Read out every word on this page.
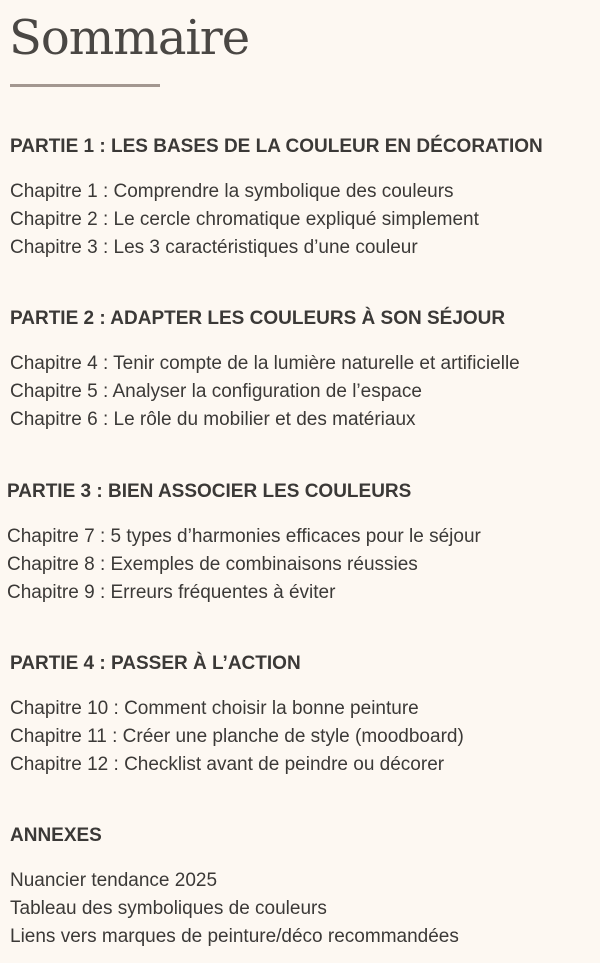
Sommaire
PARTIE 1 : LES BASES DE LA COULEUR EN DÉCORATION
Chapitre 1 : Comprendre la symbolique des couleurs
Chapitre 2 : Le cercle chromatique expliqué simplement
Chapitre 3 : Les 3 caractéristiques d’une couleur
PARTIE 2 : ADAPTER LES COULEURS À SON SÉJOUR
Chapitre 4 : Tenir compte de la lumière naturelle et artificielle
Chapitre 5 : Analyser la configuration de l’espace
Chapitre 6 : Le rôle du mobilier et des matériaux
PARTIE 3 : BIEN ASSOCIER LES COULEURS
Chapitre 7 : 5 types d’harmonies efficaces pour le séjour
Chapitre 8 : Exemples de combinaisons réussies
Chapitre 9 : Erreurs fréquentes à éviter
PARTIE 4 : PASSER À L’ACTION
Chapitre 10 : Comment choisir la bonne peinture
Chapitre 11 : Créer une planche de style (moodboard)
Chapitre 12 : Checklist avant de peindre ou décorer
ANNEXES
Nuancier tendance 2025
Tableau des symboliques de couleurs
Liens vers marques de peinture/déco recommandées
